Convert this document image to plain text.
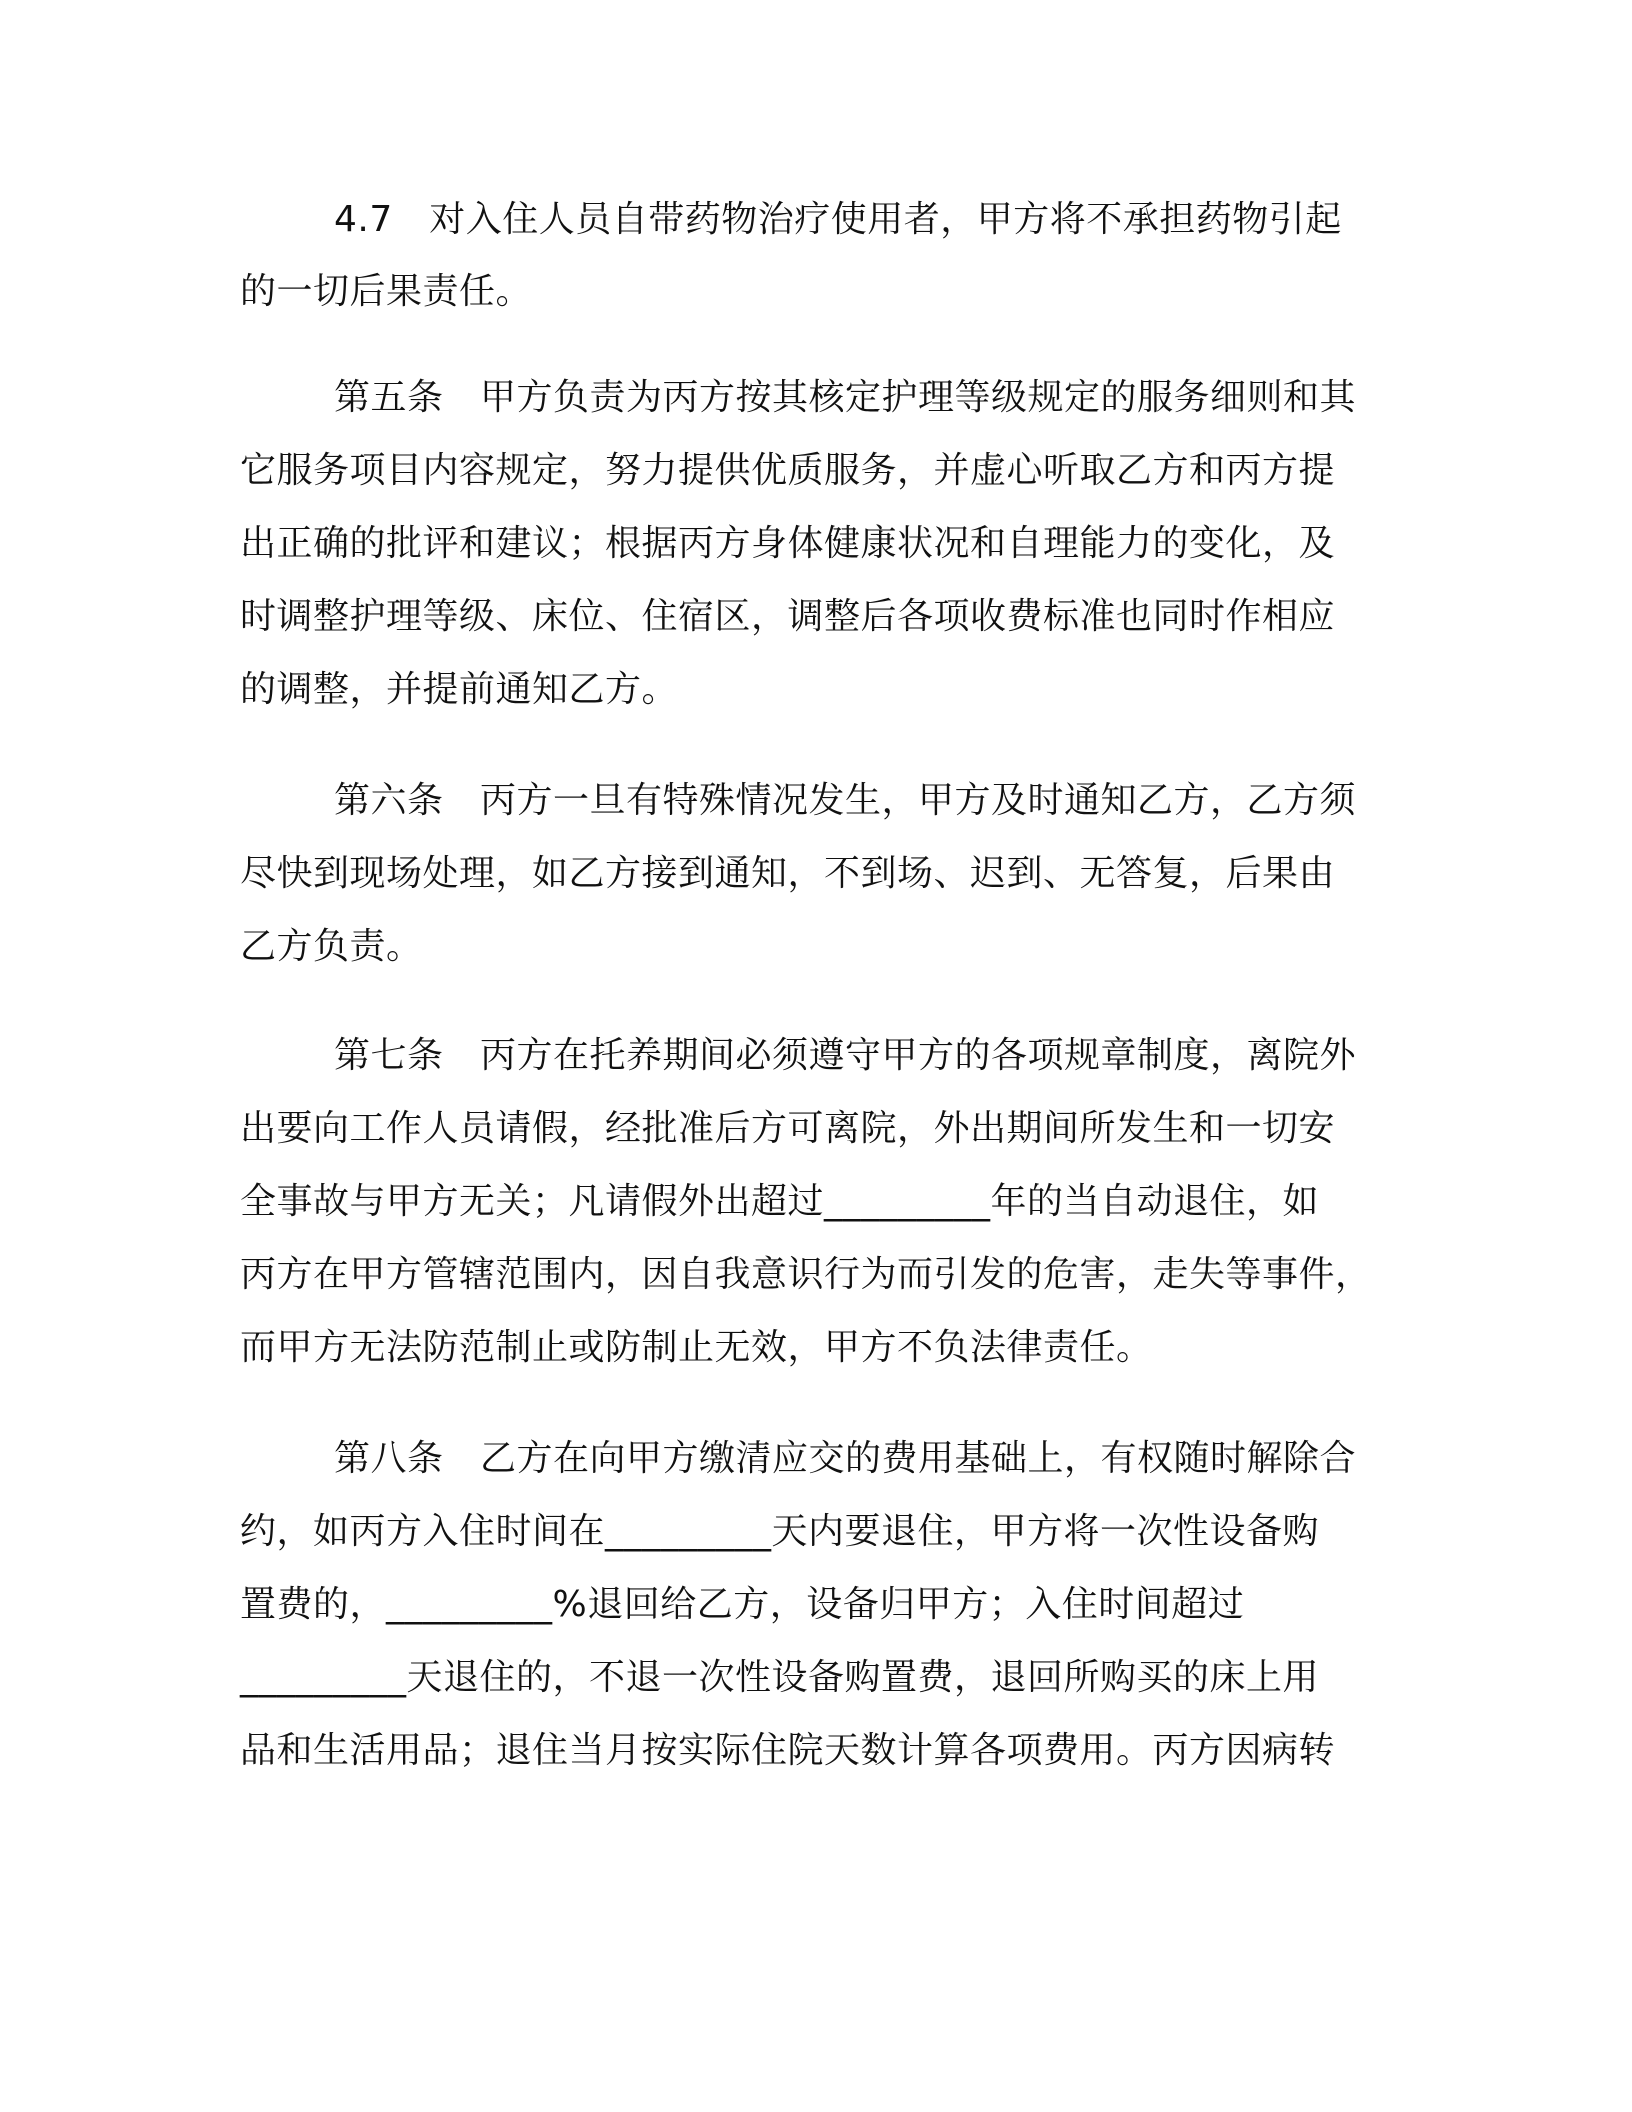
4.7　对入住人员自带药物治疗使用者，甲方将不承担药物引起
的一切后果责任。
第五条　甲方负责为丙方按其核定护理等级规定的服务细则和其
它服务项目内容规定，努力提供优质服务，并虚心听取乙方和丙方提
出正确的批评和建议；根据丙方身体健康状况和自理能力的变化，及
时调整护理等级、床位、住宿区，调整后各项收费标准也同时作相应
的调整，并提前通知乙方。
第六条　丙方一旦有特殊情况发生，甲方及时通知乙方，乙方须
尽快到现场处理，如乙方接到通知，不到场、迟到、无答复，后果由
乙方负责。
第七条　丙方在托养期间必须遵守甲方的各项规章制度，离院外
出要向工作人员请假，经批准后方可离院，外出期间所发生和一切安
全事故与甲方无关；凡请假外出超过_________年的当自动退住，如
丙方在甲方管辖范围内，因自我意识行为而引发的危害，走失等事件，
而甲方无法防范制止或防制止无效，甲方不负法律责任。
第八条　乙方在向甲方缴清应交的费用基础上，有权随时解除合
约，如丙方入住时间在_________天内要退住，甲方将一次性设备购
置费的，_________%退回给乙方，设备归甲方；入住时间超过
_________天退住的，不退一次性设备购置费，退回所购买的床上用
品和生活用品；退住当月按实际住院天数计算各项费用。丙方因病转
